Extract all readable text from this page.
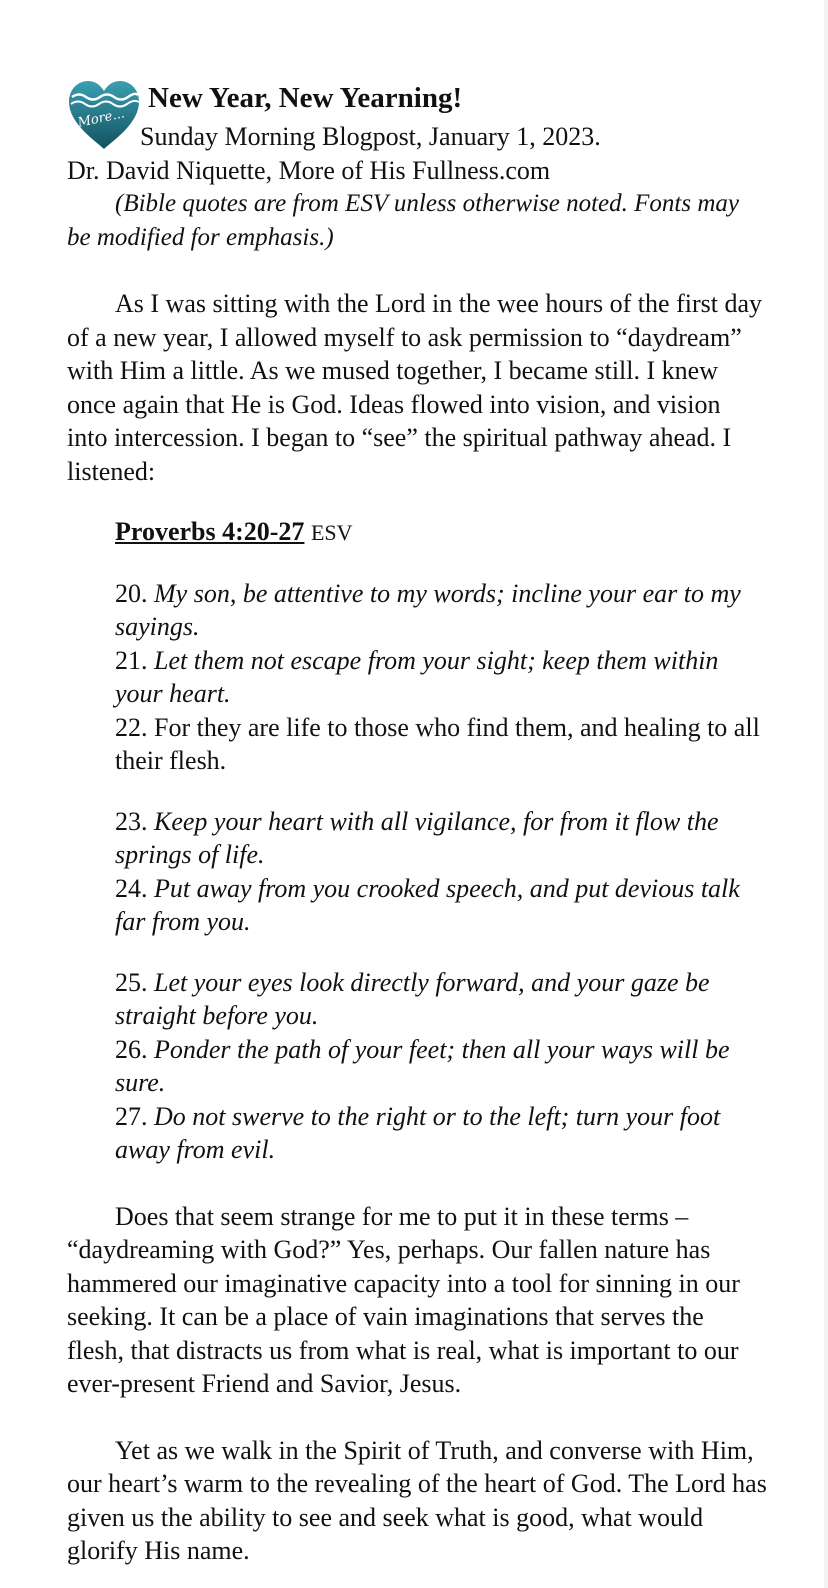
More...
New Year, New Yearning!
Sunday Morning Blogpost, January 1, 2023.
Dr. David Niquette, More of His Fullness.com
(Bible quotes are from ESV unless otherwise noted. Fonts may be modified for emphasis.)
As I was sitting with the Lord in the wee hours of the first day of a new year, I allowed myself to ask permission to “daydream” with Him a little. As we mused together, I became still. I knew once again that He is God. Ideas flowed into vision, and vision into intercession. I began to “see” the spiritual pathway ahead. I listened:
Proverbs 4:20-27 ESV
20. My son, be attentive to my words; incline your ear to my sayings.
21. Let them not escape from your sight; keep them within your heart.
22. For they are life to those who find them, and healing to all their flesh.
23. Keep your heart with all vigilance, for from it flow the springs of life.
24. Put away from you crooked speech, and put devious talk far from you.
25. Let your eyes look directly forward, and your gaze be straight before you.
26. Ponder the path of your feet; then all your ways will be sure.
27. Do not swerve to the right or to the left; turn your foot away from evil.
Does that seem strange for me to put it in these terms – “daydreaming with God?” Yes, perhaps. Our fallen nature has hammered our imaginative capacity into a tool for sinning in our seeking. It can be a place of vain imaginations that serves the flesh, that distracts us from what is real, what is important to our ever-present Friend and Savior, Jesus.
Yet as we walk in the Spirit of Truth, and converse with Him, our heart’s warm to the revealing of the heart of God. The Lord has given us the ability to see and seek what is good, what would glorify His name.
